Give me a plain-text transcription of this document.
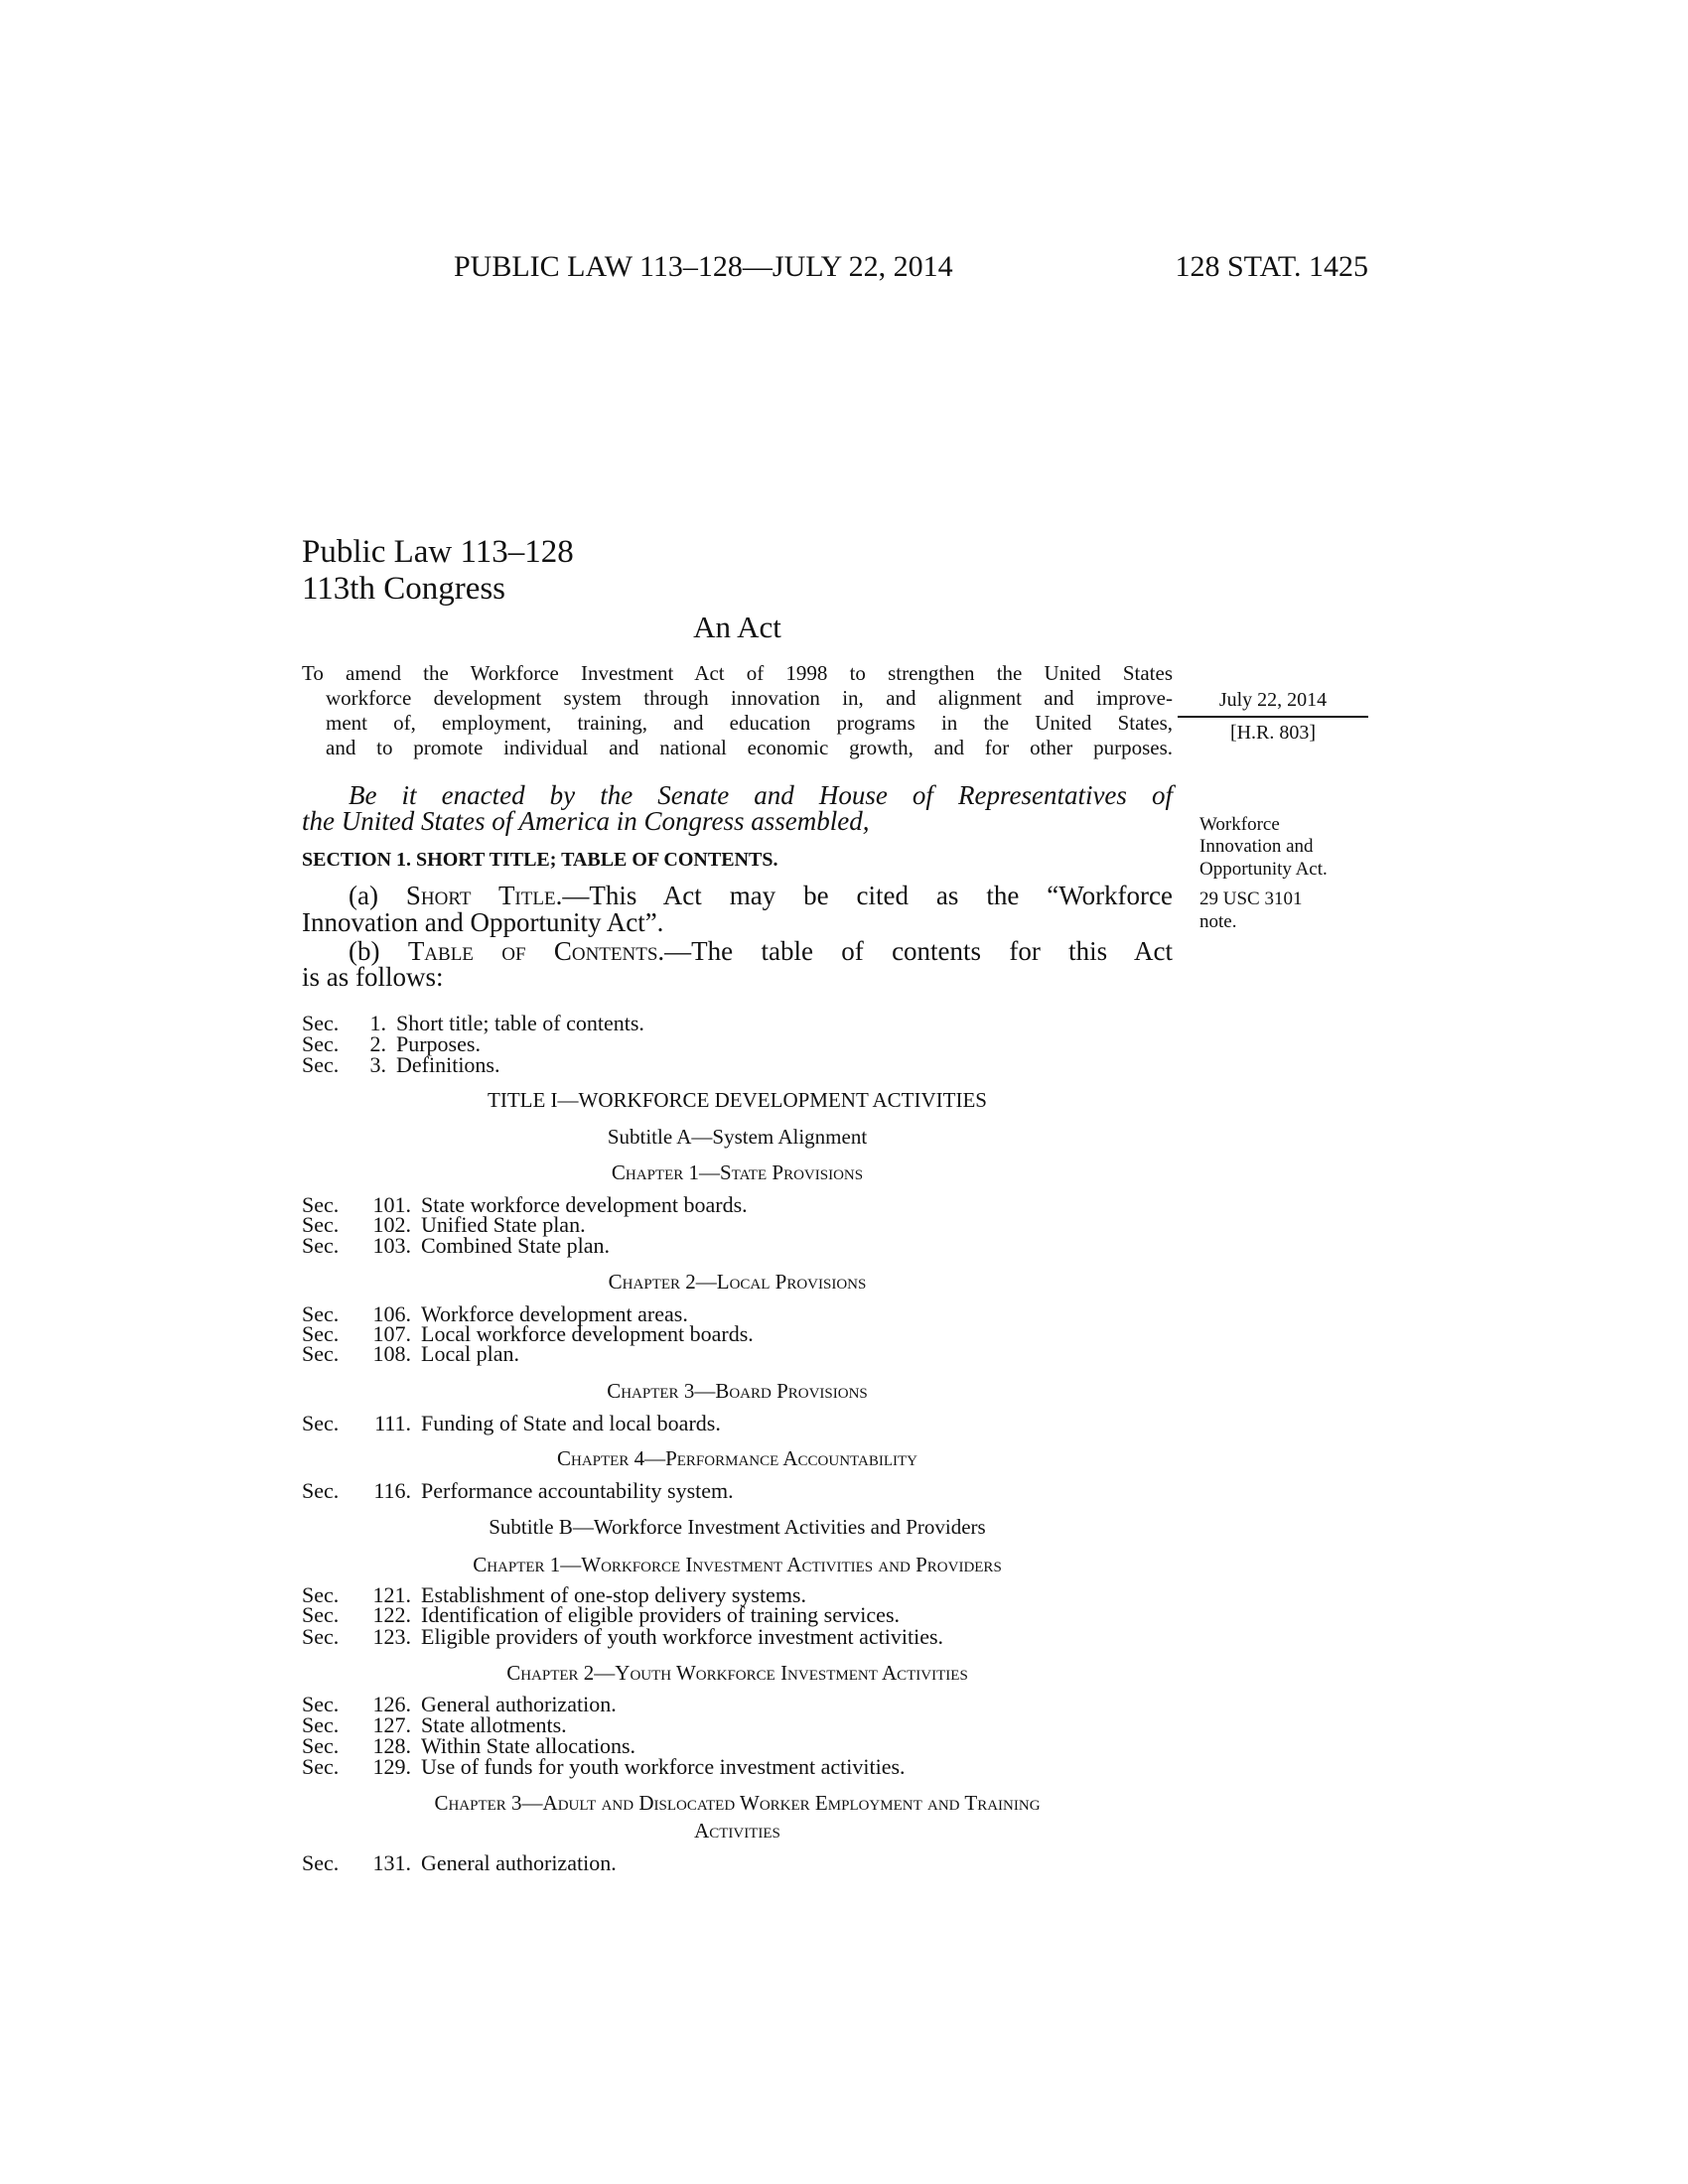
PUBLIC LAW 113–128—JULY 22, 2014	128 STAT. 1425
Public Law 113–128
113th Congress
An Act
To amend the Workforce Investment Act of 1998 to strengthen the United States
workforce development system through innovation in, and alignment and improve-
ment of, employment, training, and education programs in the United States,
and to promote individual and national economic growth, and for other purposes.
July 22, 2014
[H.R. 803]
Be it enacted by the Senate and House of Representatives of
the United States of America in Congress assembled,
SECTION 1. SHORT TITLE; TABLE OF CONTENTS.
(a) Short Title.—This Act may be cited as the “Workforce
Innovation and Opportunity Act”.
(b) Table of Contents.—The table of contents for this Act
is as follows:
Workforce
Innovation and
Opportunity Act.
29 USC 3101
note.
Sec. 1. Short title; table of contents.
Sec. 2. Purposes.
Sec. 3. Definitions.
TITLE I—WORKFORCE DEVELOPMENT ACTIVITIES
Subtitle A—System Alignment
Chapter 1—State Provisions
Sec. 101. State workforce development boards.
Sec. 102. Unified State plan.
Sec. 103. Combined State plan.
Chapter 2—Local Provisions
Sec. 106. Workforce development areas.
Sec. 107. Local workforce development boards.
Sec. 108. Local plan.
Chapter 3—Board Provisions
Sec. 111. Funding of State and local boards.
Chapter 4—Performance Accountability
Sec. 116. Performance accountability system.
Subtitle B—Workforce Investment Activities and Providers
Chapter 1—Workforce Investment Activities and Providers
Sec. 121. Establishment of one-stop delivery systems.
Sec. 122. Identification of eligible providers of training services.
Sec. 123. Eligible providers of youth workforce investment activities.
Chapter 2—Youth Workforce Investment Activities
Sec. 126. General authorization.
Sec. 127. State allotments.
Sec. 128. Within State allocations.
Sec. 129. Use of funds for youth workforce investment activities.
Chapter 3—Adult and Dislocated Worker Employment and Training
Activities
Sec. 131. General authorization.
